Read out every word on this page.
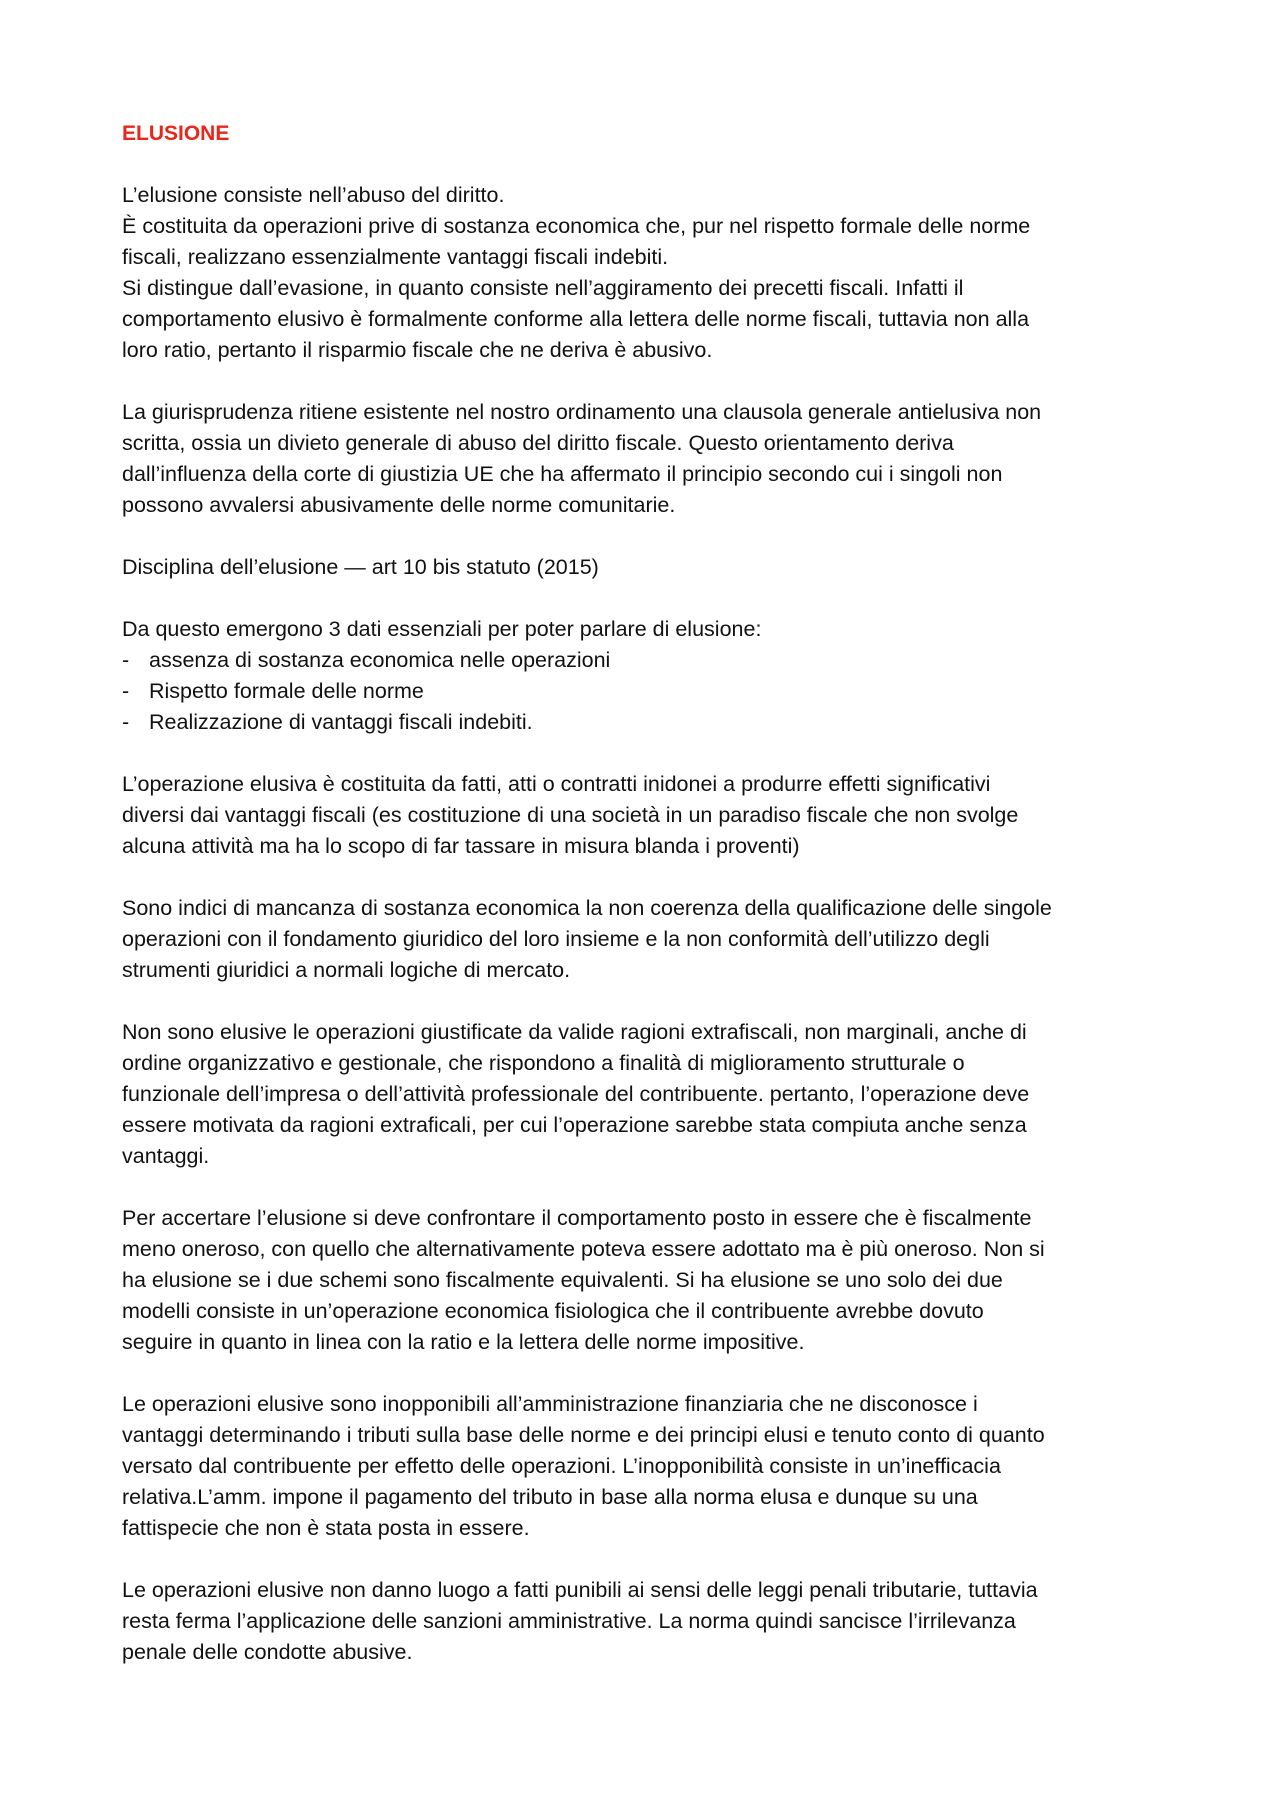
ELUSIONE
L’elusione consiste nell’abuso del diritto.
È costituita da operazioni prive di sostanza economica che, pur nel rispetto formale delle norme
fiscali, realizzano essenzialmente vantaggi fiscali indebiti.
Si distingue dall’evasione, in quanto consiste nell’aggiramento dei precetti fiscali. Infatti il
comportamento elusivo è formalmente conforme alla lettera delle norme fiscali, tuttavia non alla
loro ratio, pertanto il risparmio fiscale che ne deriva è abusivo.
La giurisprudenza ritiene esistente nel nostro ordinamento una clausola generale antielusiva non
scritta, ossia un divieto generale di abuso del diritto fiscale. Questo orientamento deriva
dall’influenza della corte di giustizia UE che ha affermato il principio secondo cui i singoli non
possono avvalersi abusivamente delle norme comunitarie.
Disciplina dell’elusione — art 10 bis statuto (2015)
Da questo emergono 3 dati essenziali per poter parlare di elusione:
- assenza di sostanza economica nelle operazioni
- Rispetto formale delle norme
- Realizzazione di vantaggi fiscali indebiti.
L’operazione elusiva è costituita da fatti, atti o contratti inidonei a produrre effetti significativi
diversi dai vantaggi fiscali (es costituzione di una società in un paradiso fiscale che non svolge
alcuna attività ma ha lo scopo di far tassare in misura blanda i proventi)
Sono indici di mancanza di sostanza economica la non coerenza della qualificazione delle singole
operazioni con il fondamento giuridico del loro insieme e la non conformità dell’utilizzo degli
strumenti giuridici a normali logiche di mercato.
Non sono elusive le operazioni giustificate da valide ragioni extrafiscali, non marginali, anche di
ordine organizzativo e gestionale, che rispondono a finalità di miglioramento strutturale o
funzionale dell’impresa o dell’attività professionale del contribuente. pertanto, l’operazione deve
essere motivata da ragioni extraficali, per cui l’operazione sarebbe stata compiuta anche senza
vantaggi.
Per accertare l’elusione si deve confrontare il comportamento posto in essere che è fiscalmente
meno oneroso, con quello che alternativamente poteva essere adottato ma è più oneroso. Non si
ha elusione se i due schemi sono fiscalmente equivalenti. Si ha elusione se uno solo dei due
modelli consiste in un’operazione economica fisiologica che il contribuente avrebbe dovuto
seguire in quanto in linea con la ratio e la lettera delle norme impositive.
Le operazioni elusive sono inopponibili all’amministrazione finanziaria che ne disconosce i
vantaggi determinando i tributi sulla base delle norme e dei principi elusi e tenuto conto di quanto
versato dal contribuente per effetto delle operazioni. L’inopponibilità consiste in un’inefficacia
relativa.L’amm. impone il pagamento del tributo in base alla norma elusa e dunque su una
fattispecie che non è stata posta in essere.
Le operazioni elusive non danno luogo a fatti punibili ai sensi delle leggi penali tributarie, tuttavia
resta ferma l’applicazione delle sanzioni amministrative. La norma quindi sancisce l’irrilevanza
penale delle condotte abusive.
